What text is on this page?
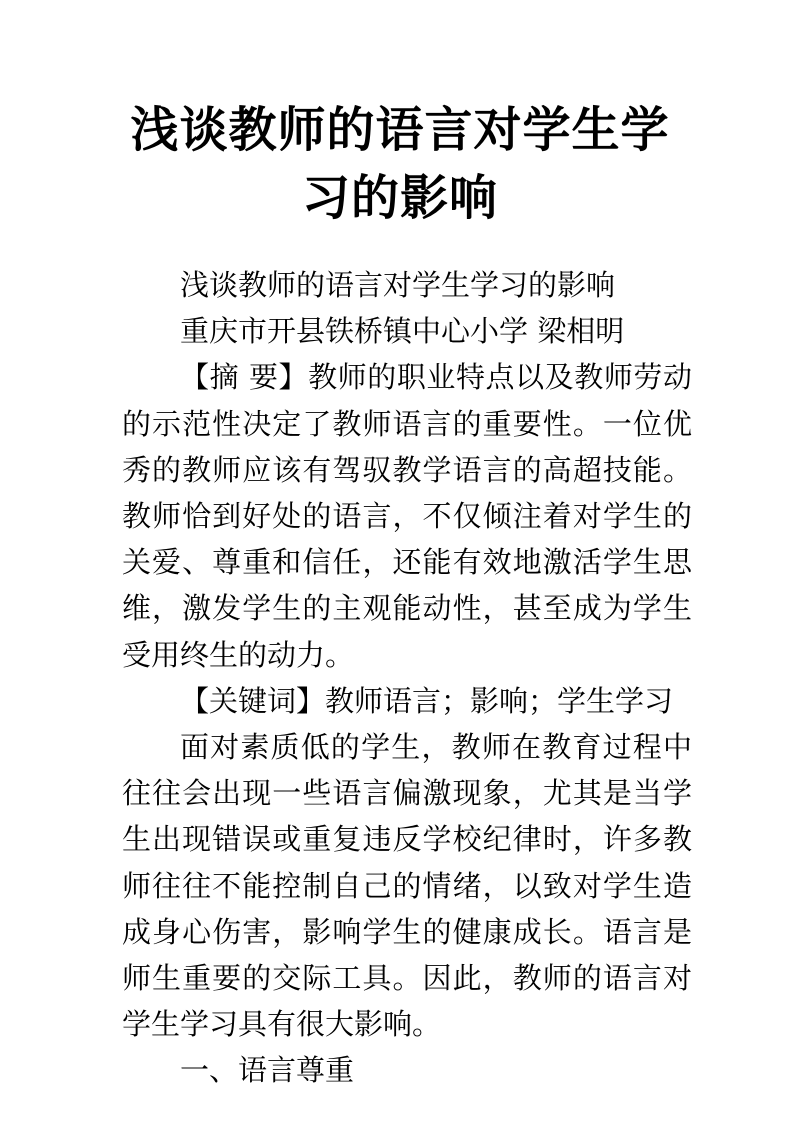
浅谈教师的语言对学生学
习的影响

浅谈教师的语言对学生学习的影响

重庆市开县铁桥镇中心小学 梁相明

【摘 要】教师的职业特点以及教师劳动的示范性决定了教师语言的重要性。一位优秀的教师应该有驾驭教学语言的高超技能。教师恰到好处的语言，不仅倾注着对学生的关爱、尊重和信任，还能有效地激活学生思维，激发学生的主观能动性，甚至成为学生受用终生的动力。

【关键词】教师语言；影响；学生学习

面对素质低的学生，教师在教育过程中往往会出现一些语言偏激现象，尤其是当学生出现错误或重复违反学校纪律时，许多教师往往不能控制自己的情绪，以致对学生造成身心伤害，影响学生的健康成长。语言是师生重要的交际工具。因此，教师的语言对学生学习具有很大影响。

一、语言尊重
